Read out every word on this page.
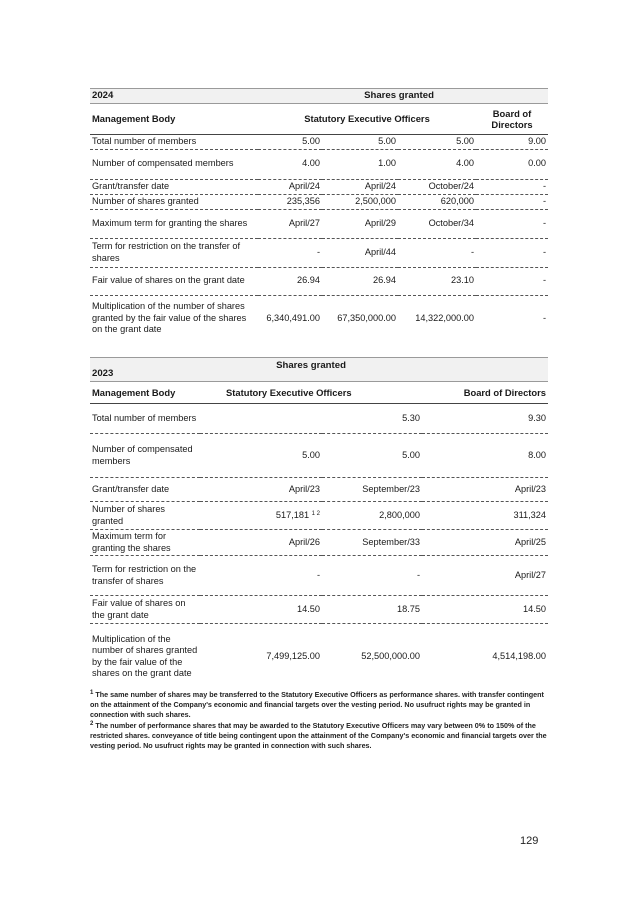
2024		Shares granted		
Management Body	Statutory Executive Officers			Board of
Directors
Total number of members	5.00	5.00	5.00	9.00
Number of compensated members	4.00	1.00	4.00	0.00
Grant/transfer date	April/24	April/24	October/24	-
Number of shares granted	235,356	2,500,000	620,000	-
Maximum term for granting the shares	April/27	April/29	October/34	-
Term for restriction on the transfer of shares	-	April/44	-	-
Fair value of shares on the grant date	26.94	26.94	23.10	-
Multiplication of the number of shares granted by the fair value of the shares on the grant date	6,340,491.00	67,350,000.00	14,322,000.00	-
2023	Shares granted		
Management Body	Statutory Executive Officers		Board of Directors
Total number of members		5.30	9.30
Number of compensated members	5.00	5.00	8.00
Grant/transfer date	April/23	September/23	April/23
Number of shares granted	517,181 $^{1 2}$	2,800,000	311,324
Maximum term for granting the shares	April/26	September/33	April/25
Term for restriction on the transfer of shares	-	-	April/27
Fair value of shares on the grant date	14.50	18.75	14.50
Multiplication of the number of shares granted by the fair value of the shares on the grant date	7,499,125.00	52,500,000.00	4,514,198.00

$^1$ The same number of shares may be transferred to the Statutory Executive Officers as performance shares. with transfer contingent on the attainment of the Company's economic and financial targets over the vesting period. No usufruct rights may be granted in connection with such shares.

$^2$ The number of performance shares that may be awarded to the Statutory Executive Officers may vary between 0% to 150% of the restricted shares. conveyance of title being contingent upon the attainment of the Company's economic and financial targets over the vesting period. No usufruct rights may be granted in connection with such shares.

129
